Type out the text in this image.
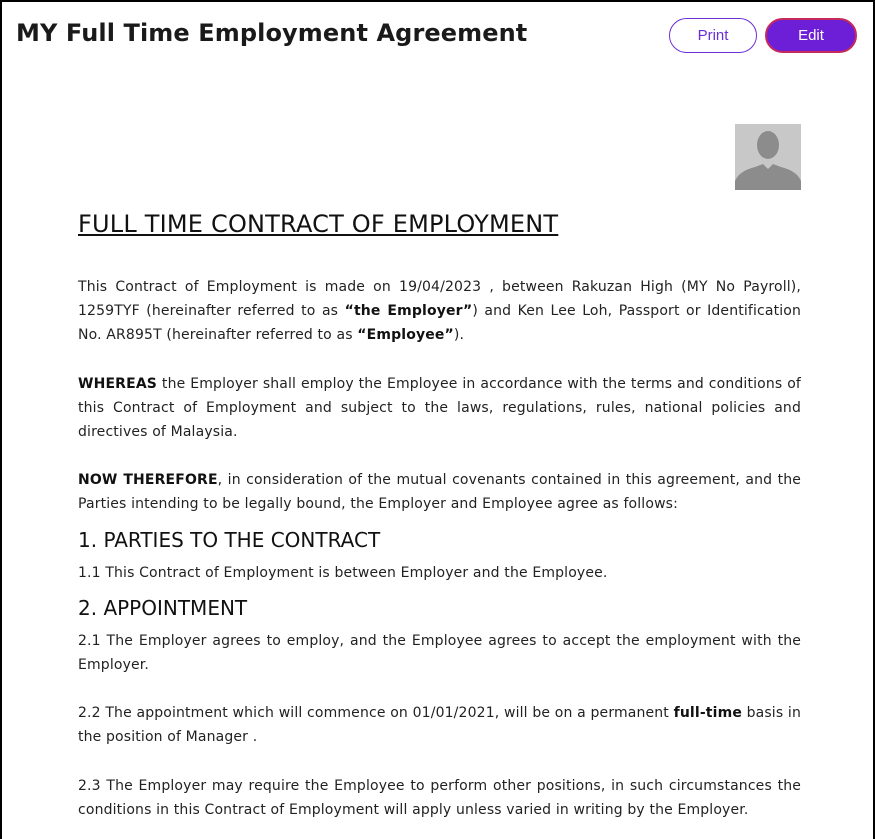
MY Full Time Employment Agreement	Print	Edit
FULL TIME CONTRACT OF EMPLOYMENT

This Contract of Employment is made on 19/04/2023 , between Rakuzan High (MY No Payroll), 1259TYF (hereinafter referred to as “the Employer”) and Ken Lee Loh, Passport or Identification No. AR895T (hereinafter referred to as “Employee”).

WHEREAS the Employer shall employ the Employee in accordance with the terms and conditions of this Contract of Employment and subject to the laws, regulations, rules, national policies and directives of Malaysia.

NOW THEREFORE, in consideration of the mutual covenants contained in this agreement, and the Parties intending to be legally bound, the Employer and Employee agree as follows:

1. PARTIES TO THE CONTRACT

1.1 This Contract of Employment is between Employer and the Employee.

2. APPOINTMENT

2.1 The Employer agrees to employ, and the Employee agrees to accept the employment with the Employer.

2.2 The appointment which will commence on 01/01/2021, will be on a permanent full-time basis in the position of Manager .

2.3 The Employer may require the Employee to perform other positions, in such circumstances the conditions in this Contract of Employment will apply unless varied in writing by the Employer.
